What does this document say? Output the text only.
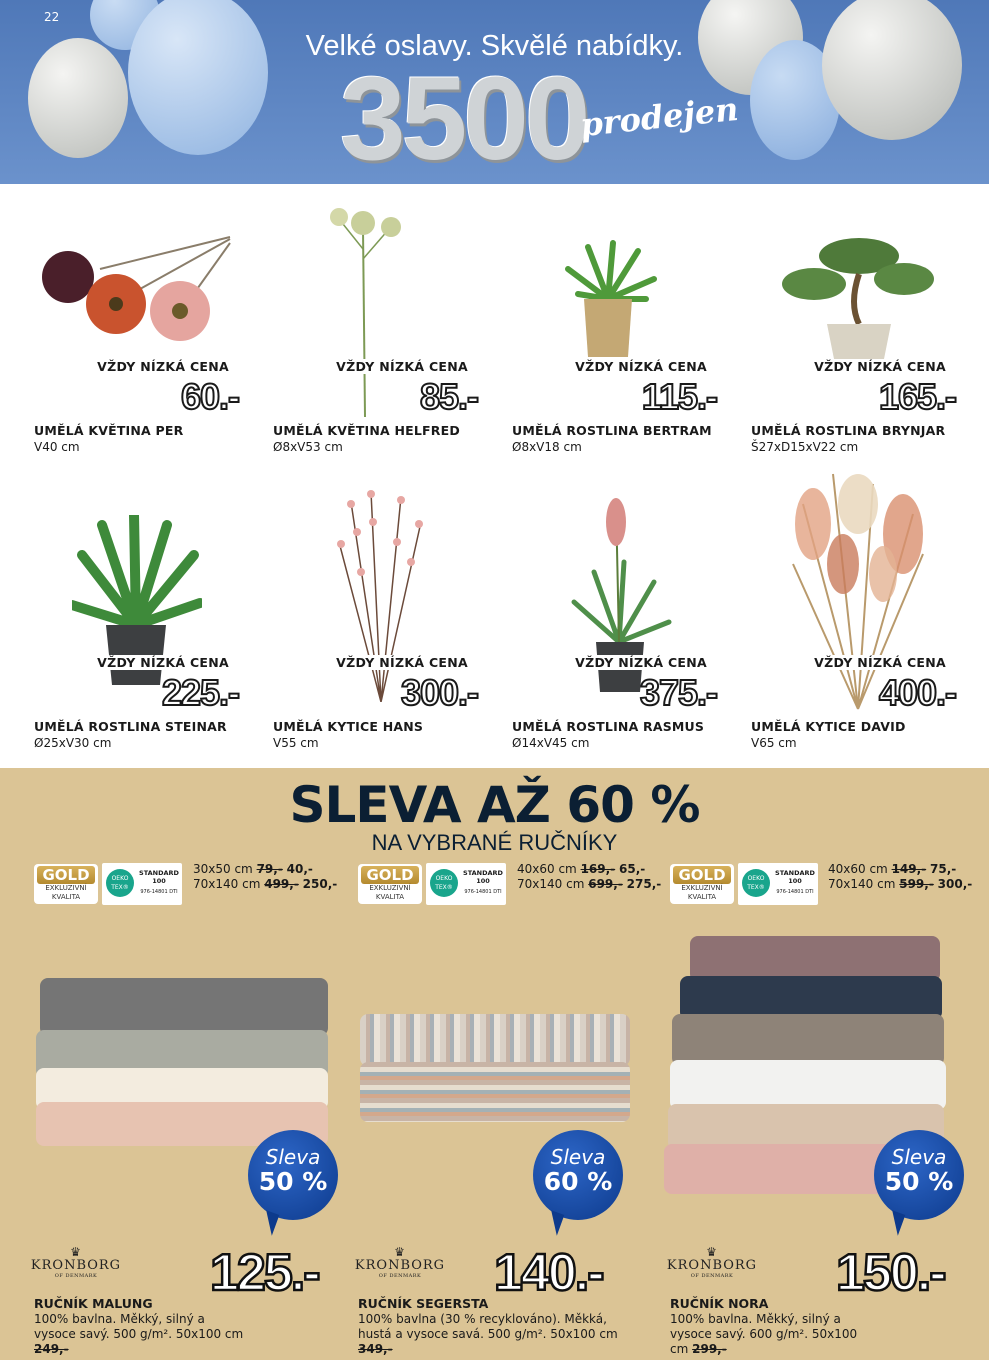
22
Velké oslavy. Skvělé nabídky.
3500
prodejen
VŽDY NÍZKÁ CENA
60.-
UMĚLÁ KVĚTINA PER
V40 cm
VŽDY NÍZKÁ CENA
85.-
UMĚLÁ KVĚTINA HELFRED
Ø8xV53 cm
VŽDY NÍZKÁ CENA
115.-
UMĚLÁ ROSTLINA BERTRAM
Ø8xV18 cm
VŽDY NÍZKÁ CENA
165.-
UMĚLÁ ROSTLINA BRYNJAR
Š27xD15xV22 cm
VŽDY NÍZKÁ CENA
225.-
UMĚLÁ ROSTLINA STEINAR
Ø25xV30 cm
VŽDY NÍZKÁ CENA
300.-
UMĚLÁ KYTICE HANS
V55 cm
VŽDY NÍZKÁ CENA
375.-
UMĚLÁ ROSTLINA RASMUS
Ø14xV45 cm
VŽDY NÍZKÁ CENA
400.-
UMĚLÁ KYTICE DAVID
V65 cm
SLEVA AŽ 60 %
NA VYBRANÉ RUČNÍKY
GOLD
EXKLUZIVNÍ KVALITA
OEKO TEX®
STANDARD 100
976-14801 DTI
30x50 cm 79,- 40,-
70x140 cm 499,- 250,-
Sleva
50 %
♛
KRONBORG
OF DENMARK	125.-
RUČNÍK MALUNG
100% bavlna. Měkký, silný a vysoce savý. 500 g/m². 50x100 cm 249,-
GOLD
EXKLUZIVNÍ KVALITA
OEKO TEX®
STANDARD 100
976-14801 DTI
40x60 cm 169,- 65,-
70x140 cm 699,- 275,-
Sleva
60 %
♛
KRONBORG
OF DENMARK	140.-
RUČNÍK SEGERSTA
100% bavlna (30 % recyklováno). Měkká, hustá a vysoce savá. 500 g/m². 50x100 cm 349,-
GOLD
EXKLUZIVNÍ KVALITA
OEKO TEX®
STANDARD 100
976-14801 DTI
40x60 cm 149,- 75,-
70x140 cm 599,- 300,-
Sleva
50 %
♛
KRONBORG
OF DENMARK	150.-
RUČNÍK NORA
100% bavlna. Měkký, silný a vysoce savý. 600 g/m². 50x100 cm 299,-
